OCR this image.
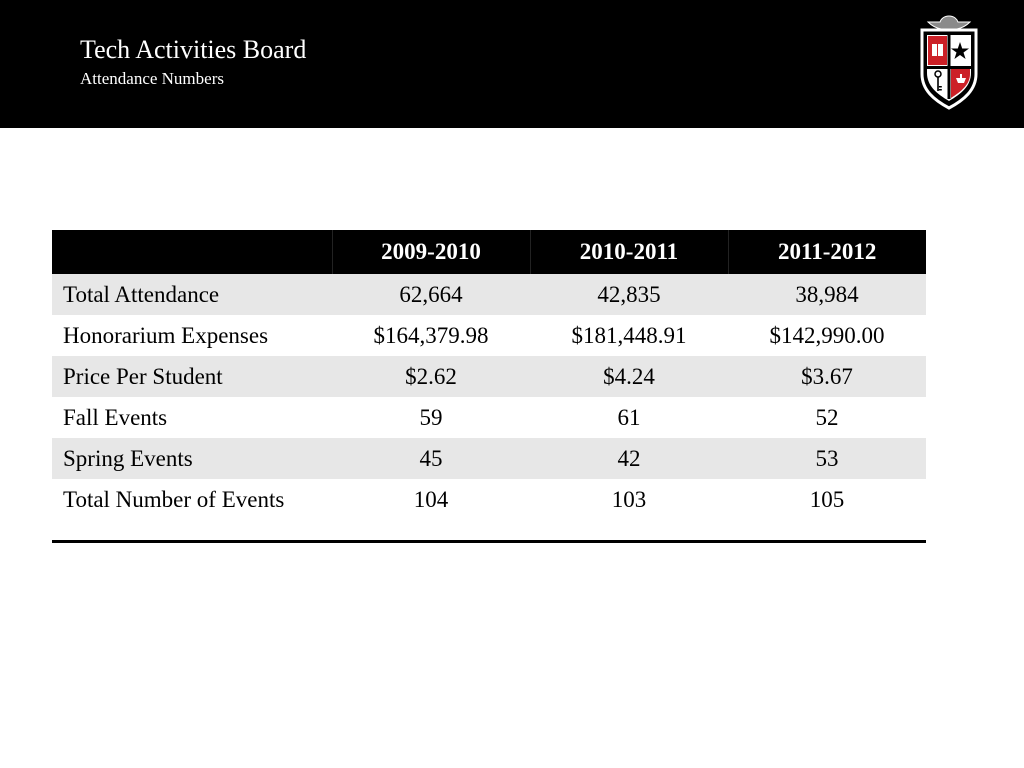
Tech Activities Board
Attendance Numbers
	2009-2010	2010-2011	2011-2012
Total Attendance	62,664	42,835	38,984
Honorarium Expenses	$164,379.98	$181,448.91	$142,990.00
Price Per Student	$2.62	$4.24	$3.67
Fall Events	59	61	52
Spring Events	45	42	53
Total Number of Events	104	103	105
